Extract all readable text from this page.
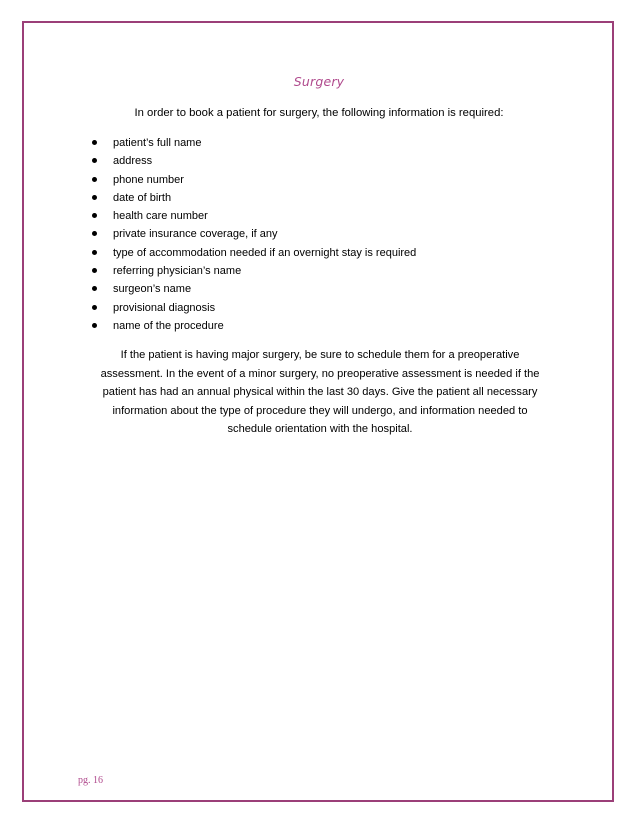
Surgery
In order to book a patient for surgery, the following information is required:
patient’s full name
address
phone number
date of birth
health care number
private insurance coverage, if any
type of accommodation needed if an overnight stay is required
referring physician’s name
surgeon’s name
provisional diagnosis
name of the procedure
If the patient is having major surgery, be sure to schedule them for a preoperative
assessment. In the event of a minor surgery, no preoperative assessment is needed if the
patient has had an annual physical within the last 30 days. Give the patient all necessary
information about the type of procedure they will undergo, and information needed to
schedule orientation with the hospital.
pg. 16
